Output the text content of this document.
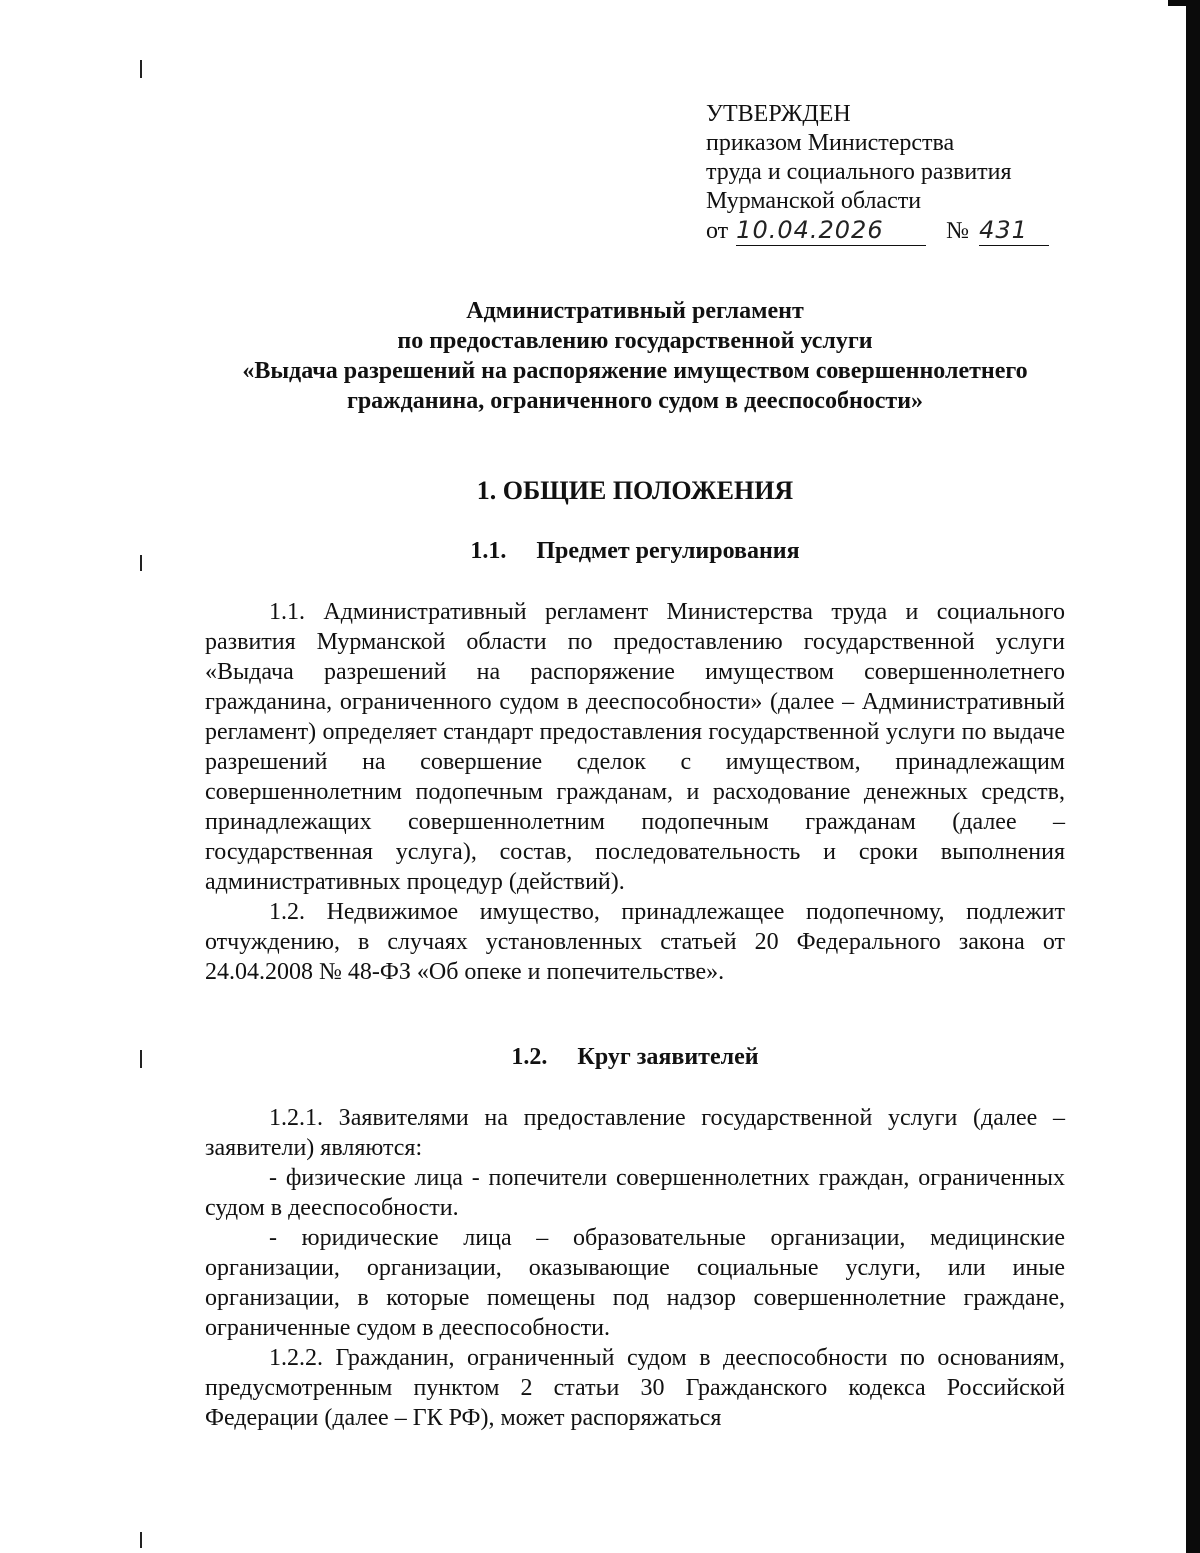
УТВЕРЖДЕН
приказом Министерства
труда и социального развития
Мурманской области
от 10.04.2026	№ 431
Административный регламент
по предоставлению государственной услуги
«Выдача разрешений на распоряжение имуществом совершеннолетнего
гражданина, ограниченного судом в дееспособности»
1. ОБЩИЕ ПОЛОЖЕНИЯ
1.1. Предмет регулирования

1.1. Административный регламент Министерства труда и социального развития Мурманской области по предоставлению государственной услуги «Выдача разрешений на распоряжение имуществом совершеннолетнего гражданина, ограниченного судом в дееспособности» (далее – Административный регламент) определяет стандарт предоставления государственной услуги по выдаче разрешений на совершение сделок с имуществом, принадлежащим совершеннолетним подопечным гражданам, и расходование денежных средств, принадлежащих совершеннолетним подопечным гражданам (далее – государственная услуга), состав, последовательность и сроки выполнения административных процедур (действий).

1.2. Недвижимое имущество, принадлежащее подопечному, подлежит отчуждению, в случаях установленных статьей 20 Федерального закона от 24.04.2008 № 48-ФЗ «Об опеке и попечительстве».

1.2. Круг заявителей

1.2.1. Заявителями на предоставление государственной услуги (далее – заявители) являются:

- физические лица - попечители совершеннолетних граждан, ограниченных судом в дееспособности.

- юридические лица – образовательные организации, медицинские организации, организации, оказывающие социальные услуги, или иные организации, в которые помещены под надзор совершеннолетние граждане, ограниченные судом в дееспособности.

1.2.2. Гражданин, ограниченный судом в дееспособности по основаниям, предусмотренным пунктом 2 статьи 30 Гражданского кодекса Российской Федерации (далее – ГК РФ), может распоряжаться
